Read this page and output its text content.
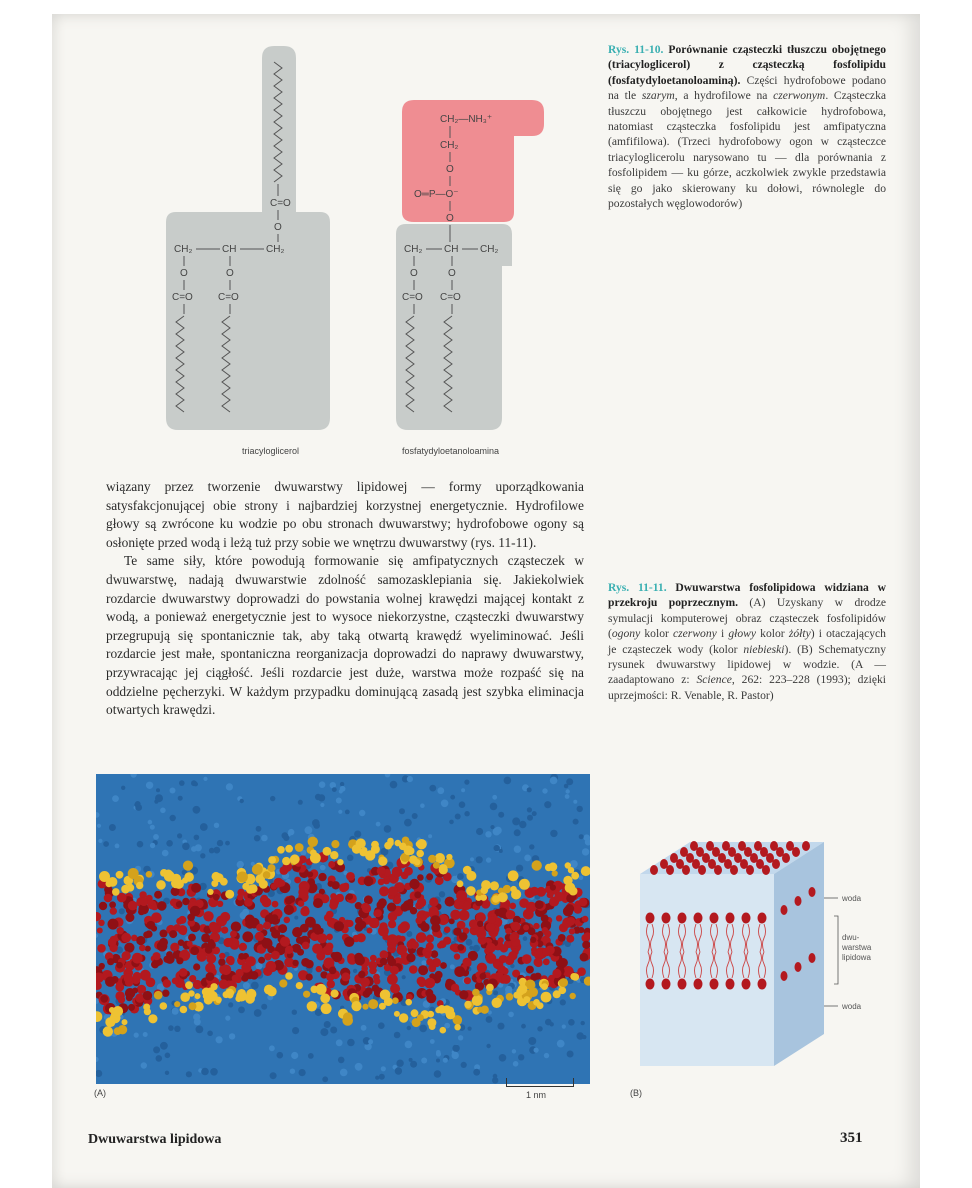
C=O
O
CH₂	CH	CH₂
O	O
C=O	C=O
CH₂—NH₃⁺
CH₂
O
O═P—O⁻
O
CH₂ CH CH₂
O	O
C=O C=O
triacyloglicerol	fosfatydyloetanoloamina
Rys. 11-10. Porównanie cząsteczki tłuszczu obojętnego (triacyloglicerol) z cząsteczką fosfolipidu (fosfatydyloetanoloaminą). Części hydrofobowe podano na tle szarym, a hydrofilowe na czerwonym. Cząsteczka tłuszczu obojętnego jest całkowicie hydrofobowa, natomiast cząsteczka fosfolipidu jest amfipatyczna (amfifilowa). (Trzeci hydrofobowy ogon w cząsteczce triacyloglicerolu narysowano tu — dla porównania z fosfolipidem — ku górze, aczkolwiek zwykle przedstawia się go jako skierowany ku dołowi, równolegle do pozostałych węglowodorów)

wiązany przez tworzenie dwuwarstwy lipidowej — formy uporządkowania satysfakcjonującej obie strony i najbardziej korzystnej energetycznie. Hydrofilowe głowy są zwrócone ku wodzie po obu stronach dwuwarstwy; hydrofobowe ogony są osłonięte przed wodą i leżą tuż przy sobie we wnętrzu dwuwarstwy (rys. 11-11).

Te same siły, które powodują formowanie się amfipatycznych cząsteczek w dwuwarstwę, nadają dwuwarstwie zdolność samozasklepiania się. Jakiekolwiek rozdarcie dwuwarstwy doprowadzi do powstania wolnej krawędzi mającej kontakt z wodą, a ponieważ energetycznie jest to wysoce niekorzystne, cząsteczki dwuwarstwy przegrupują się spontanicznie tak, aby taką otwartą krawędź wyeliminować. Jeśli rozdarcie jest małe, spontaniczna reorganizacja doprowadzi do naprawy dwuwarstwy, przywracając jej ciągłość. Jeśli rozdarcie jest duże, warstwa może rozpaść się na oddzielne pęcherzyki. W każdym przypadku dominującą zasadą jest szybka eliminacja otwartych krawędzi.

Rys. 11-11. Dwuwarstwa fosfolipidowa widziana w przekroju poprzecznym. (A) Uzyskany w drodze symulacji komputerowej obraz cząsteczek fosfolipidów (ogony kolor czerwony i głowy kolor żółty) i otaczających je cząsteczek wody (kolor niebieski). (B) Schematyczny rysunek dwuwarstwy lipidowej w wodzie. (A — zaadaptowano z: Science, 262: 223–228 (1993); dzięki uprzejmości: R. Venable, R. Pastor)
(A)	1 nm
woda
dwu-
warstwa
lipidowa
woda
(B)
Dwuwarstwa lipidowa	351
